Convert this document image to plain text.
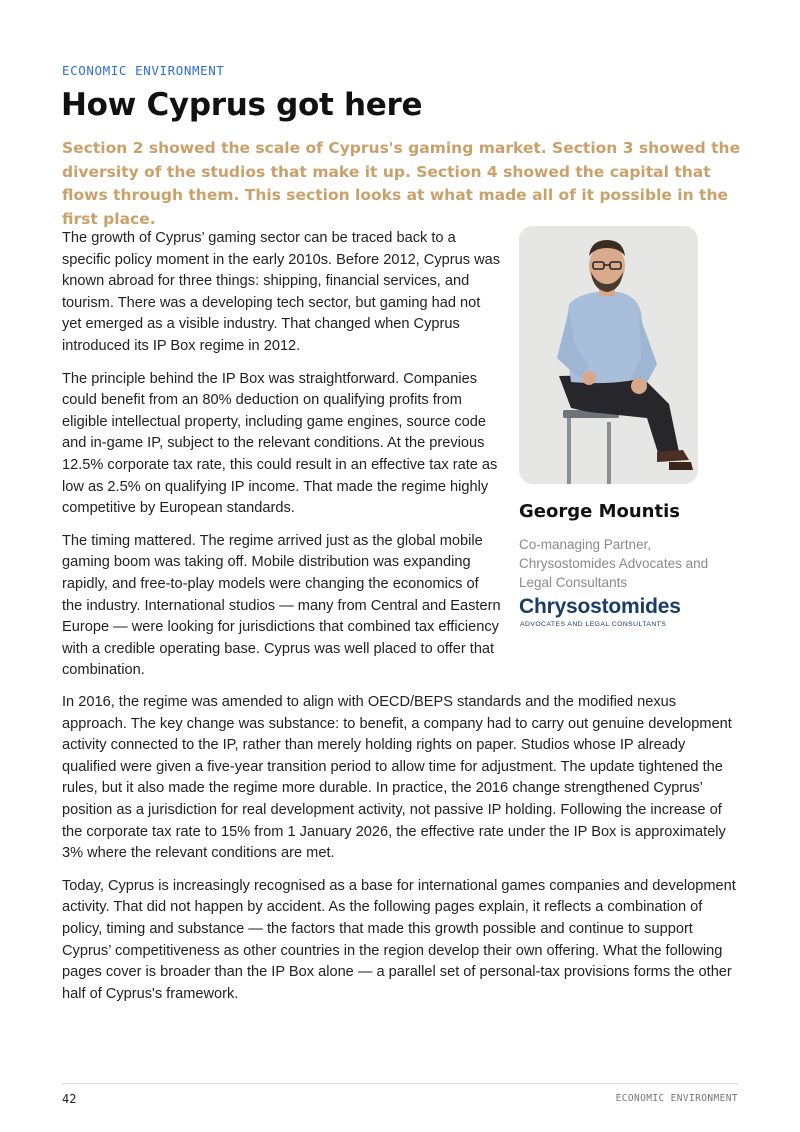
ECONOMIC ENVIRONMENT
How Cyprus got here

Section 2 showed the scale of Cyprus's gaming market. Section 3 showed the diversity of the studios that make it up. Section 4 showed the capital that flows through them. This section looks at what made all of it possible in the first place.

The growth of Cyprus’ gaming sector can be traced back to a specific policy moment in the early 2010s. Before 2012, Cyprus was known abroad for three things: shipping, financial services, and tourism. There was a developing tech sector, but gaming had not yet emerged as a visible industry. That changed when Cyprus introduced its IP Box regime in 2012.

The principle behind the IP Box was straightforward. Companies could benefit from an 80% deduction on qualifying profits from eligible intellectual property, including game engines, source code and in-game IP, subject to the relevant conditions. At the previous 12.5% corporate tax rate, this could result in an effective tax rate as low as 2.5% on qualifying IP income. That made the regime highly competitive by European standards.

The timing mattered. The regime arrived just as the global mobile gaming boom was taking off. Mobile distribution was expanding rapidly, and free-to-play models were changing the economics of the industry. International studios — many from Central and Eastern Europe — were looking for jurisdictions that combined tax efficiency with a credible operating base. Cyprus was well placed to offer that combination.

George Mountis
Co-managing Partner, Chrysostomides Advocates and Legal Consultants
Chrysostomides
ADVOCATES AND LEGAL CONSULTANTS

In 2016, the regime was amended to align with OECD/BEPS standards and the modified nexus approach. The key change was substance: to benefit, a company had to carry out genuine development activity connected to the IP, rather than merely holding rights on paper. Studios whose IP already qualified were given a five-year transition period to allow time for adjustment. The update tightened the rules, but it also made the regime more durable. In practice, the 2016 change strengthened Cyprus’ position as a jurisdiction for real development activity, not passive IP holding. Following the increase of the corporate tax rate to 15% from 1 January 2026, the effective rate under the IP Box is approximately 3% where the relevant conditions are met.

Today, Cyprus is increasingly recognised as a base for international games companies and development activity. That did not happen by accident. As the following pages explain, it reflects a combination of policy, timing and substance — the factors that made this growth possible and continue to support Cyprus’ competitiveness as other countries in the region develop their own offering. What the following pages cover is broader than the IP Box alone — a parallel set of personal-tax provisions forms the other half of Cyprus's framework.

42	ECONOMIC ENVIRONMENT
